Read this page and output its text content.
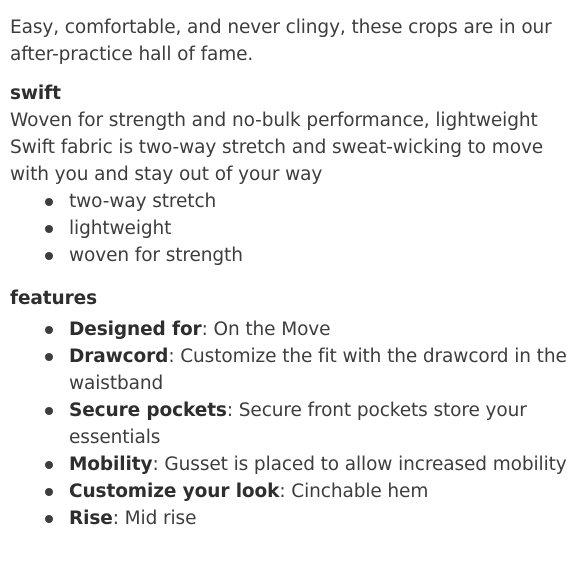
Easy, comfortable, and never clingy, these crops are in our after-practice hall of fame.

swift

Woven for strength and no-bulk performance, lightweight Swift fabric is two-way stretch and sweat-wicking to move with you and stay out of your way

two-way stretch
lightweight
woven for strength
features
Designed for: On the Move
Drawcord: Customize the fit with the drawcord in the waistband
Secure pockets: Secure front pockets store your essentials
Mobility: Gusset is placed to allow increased mobility
Customize your look: Cinchable hem
Rise: Mid rise
